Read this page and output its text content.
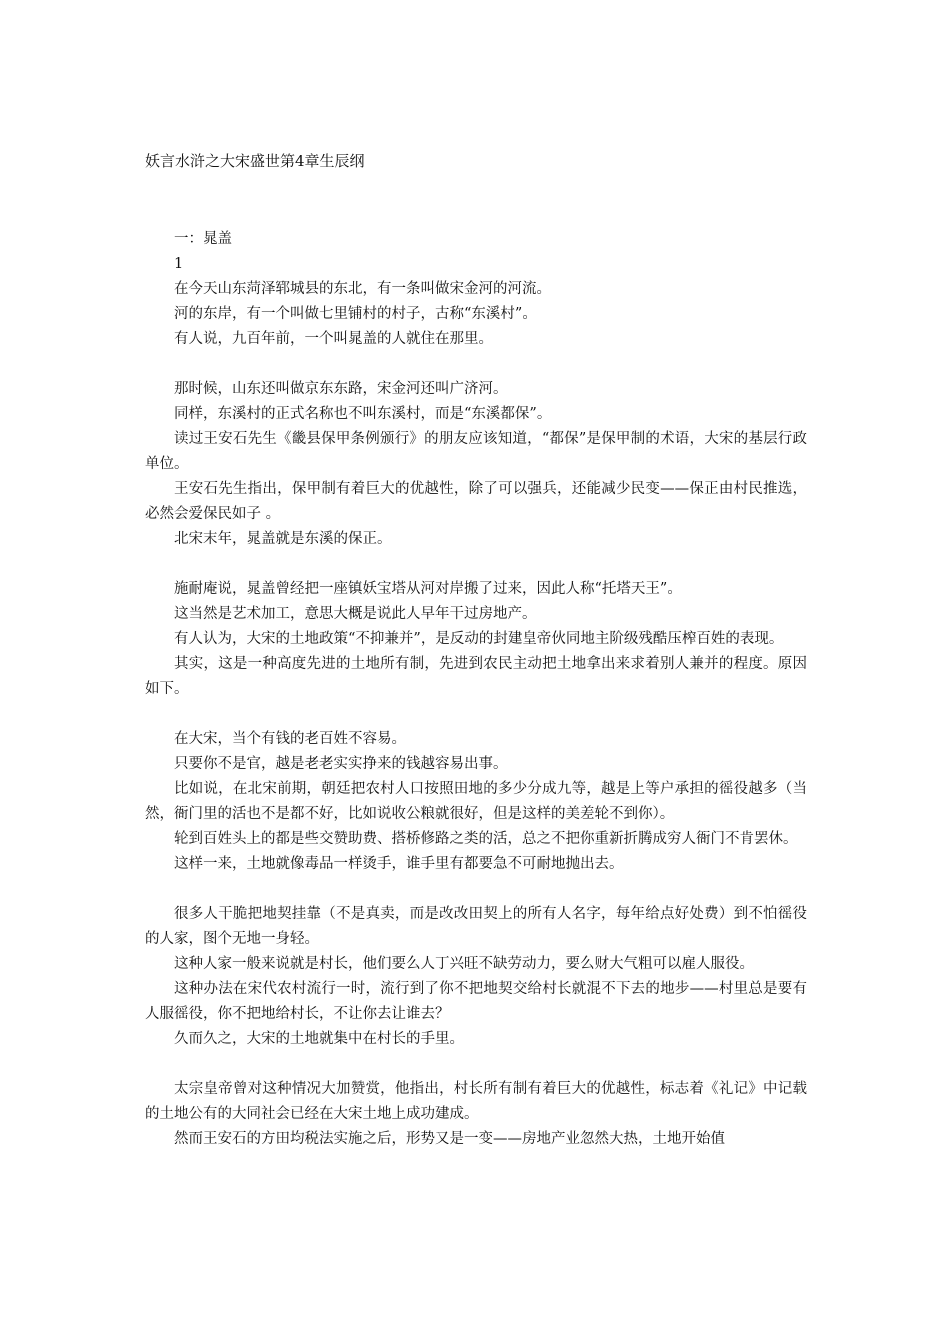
妖言水浒之大宋盛世第4章生辰纲

一：晁盖

1

在今天山东菏泽郓城县的东北，有一条叫做宋金河的河流。

河的东岸，有一个叫做七里铺村的村子，古称“东溪村”。

有人说，九百年前，一个叫晁盖的人就住在那里。

那时候，山东还叫做京东东路，宋金河还叫广济河。

同样，东溪村的正式名称也不叫东溪村，而是“东溪都保”。

读过王安石先生《畿县保甲条例颁行》的朋友应该知道，“都保”是保甲制的术语，大宋的基层行政单位。

王安石先生指出，保甲制有着巨大的优越性，除了可以强兵，还能减少民变——保正由村民推选，必然会爱保民如子 。

北宋末年，晁盖就是东溪的保正。

施耐庵说，晁盖曾经把一座镇妖宝塔从河对岸搬了过来，因此人称“托塔天王”。

这当然是艺术加工，意思大概是说此人早年干过房地产。

有人认为，大宋的土地政策“不抑兼并”，是反动的封建皇帝伙同地主阶级残酷压榨百姓的表现。

其实，这是一种高度先进的土地所有制，先进到农民主动把土地拿出来求着别人兼并的程度。原因如下。

在大宋，当个有钱的老百姓不容易。

只要你不是官，越是老老实实挣来的钱越容易出事。

比如说，在北宋前期，朝廷把农村人口按照田地的多少分成九等，越是上等户承担的徭役越多（当然，衙门里的活也不是都不好，比如说收公粮就很好，但是这样的美差轮不到你）。

轮到百姓头上的都是些交赞助费、搭桥修路之类的活，总之不把你重新折腾成穷人衙门不肯罢休。

这样一来，土地就像毒品一样烫手，谁手里有都要急不可耐地抛出去。

很多人干脆把地契挂靠（不是真卖，而是改改田契上的所有人名字，每年给点好处费）到不怕徭役的人家，图个无地一身轻。

这种人家一般来说就是村长，他们要么人丁兴旺不缺劳动力，要么财大气粗可以雇人服役。

这种办法在宋代农村流行一时，流行到了你不把地契交给村长就混不下去的地步——村里总是要有人服徭役，你不把地给村长，不让你去让谁去？

久而久之，大宋的土地就集中在村长的手里。

太宗皇帝曾对这种情况大加赞赏，他指出，村长所有制有着巨大的优越性，标志着《礼记》中记载的土地公有的大同社会已经在大宋土地上成功建成。

然而王安石的方田均税法实施之后，形势又是一变——房地产业忽然大热，土地开始值
